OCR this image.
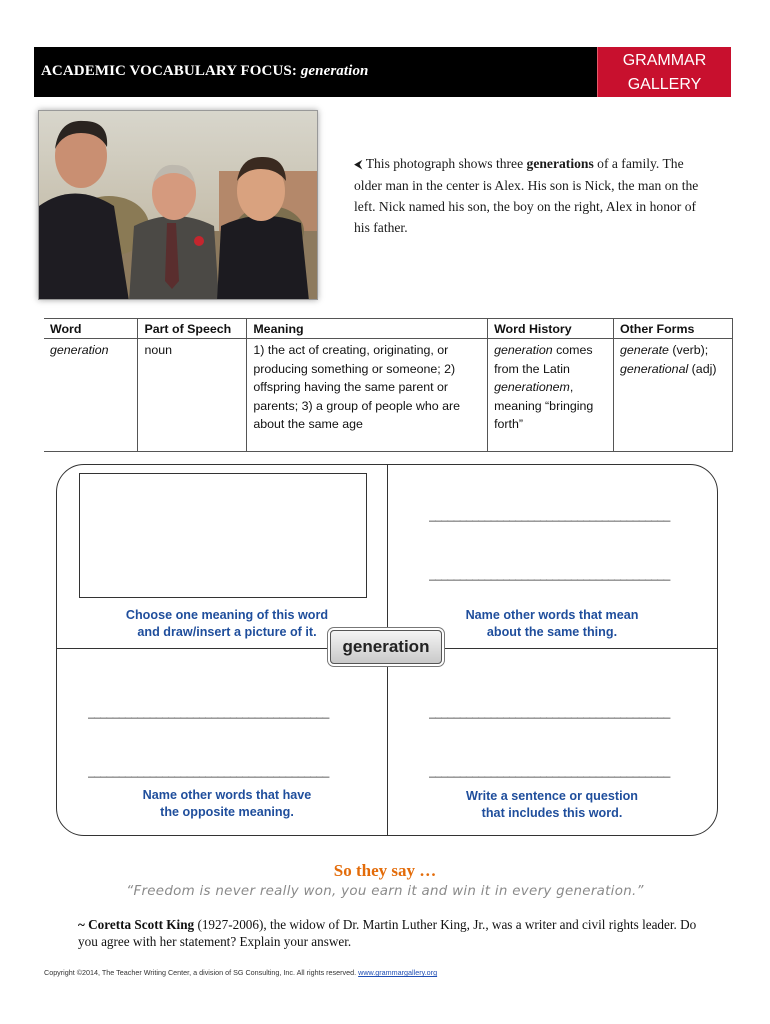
ACADEMIC VOCABULARY FOCUS: generation
GRAMMAR
GALLERY
⮜ This photograph shows three generations of a family. The older man in the center is Alex. His son is Nick, the man on the left. Nick named his son, the boy on the right, Alex in honor of his father.
Word	Part of Speech	Meaning	Word History	Other Forms
generation	noun	1) the act of creating, originating, or producing something or someone; 2) offspring having the same parent or parents; 3) a group of people who are about the same age	generation comes from the Latin generationem, meaning “bringing forth”	generate (verb); generational (adj)
Choose one meaning of this word
and draw/insert a picture of it.
_______________________________________
_______________________________________
Name other words that mean
about the same thing.
generation
_______________________________________
_______________________________________
Name other words that have
the opposite meaning.
_______________________________________
_______________________________________
Write a sentence or question
that includes this word.
So they say …
“Freedom is never really won, you earn it and win it in every generation.”
~ Coretta Scott King (1927-2006), the widow of Dr. Martin Luther King, Jr., was a writer and civil rights leader. Do you agree with her statement? Explain your answer.
Copyright ©2014, The Teacher Writing Center, a division of SG Consulting, Inc. All rights reserved. www.grammargallery.org
